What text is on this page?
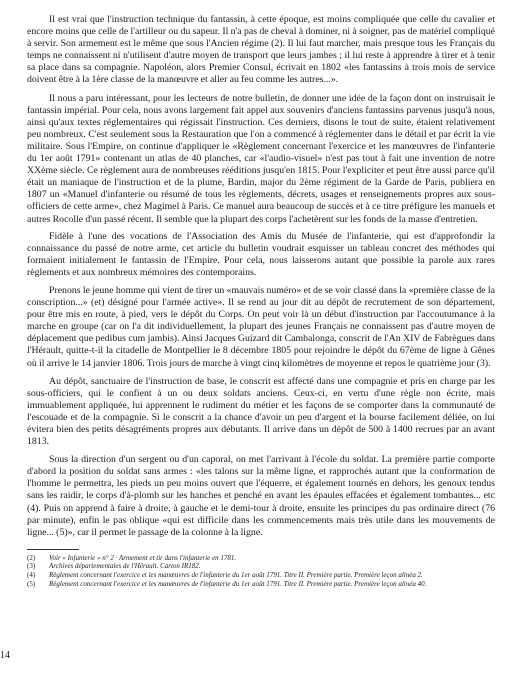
Il est vrai que l'instruction technique du fantassin, à cette époque, est moins compliquée que celle du cavalier et encore moins que celle de l'artilleur ou du sapeur. Il n'a pas de cheval à dominer, ni à soigner, pas de matériel compliqué à servir. Son armement est le même que sous l'Ancien régime (2). Il lui faut marcher, mais presque tous les Français du temps ne connaissent ni n'utilisent d'autre moyen de transport que leurs jambes ; il lui reste à apprendre à tirer et à tenir sa place dans sa compagnie. Napoléon, alors Premier Consul, écrivait en 1802 «les fantassins à trois mois de service doivent être à la 1ère classe de la manœuvre et aller au feu comme les autres...».

Il nous a paru intéressant, pour les lecteurs de notre bulletin, de donner une idée de la façon dont on instruisait le fantassin impérial. Pour cela, nous avons largement fait appel aux souvenirs d'anciens fantassins parvenus jusqu'à nous, ainsi qu'aux textes réglementaires qui régissait l'instruction. Ces derniers, disons le tout de suite, étaient relativement peu nombreux. C'est seulement sous la Restauration que l'on a commencé à réglementer dans le détail et par écrit la vie militaire. Sous l'Empire, on continue d'appliquer le «Règlement concernant l'exercice et les manœuvres de l'infanterie du 1er août 1791» contenant un atlas de 40 planches, car «l'audio-visuel» n'est pas tout à fait une invention de notre XXème siècle. Ce règlement aura de nombreuses rééditions jusqu'en 1815. Pour l'expliciter et peut être aussi parce qu'il était un maniaque de l'instruction et de la plume, Bardin, major du 2ème régiment de la Garde de Paris, publiera en 1807 un «Manuel d'infanterie ou résumé de tous les règlements, décrets, usages et renseignements propres aux sous-officiers de cette arme», chez Magimel à Paris. Ce manuel aura beaucoup de succès et à ce titre préfigure les manuels et autres Rocolle d'un passé récent. Il semble que la plupart des corps l'achetèrent sur les fonds de la masse d'entretien.

Fidèle à l'une des vocations de l'Association des Amis du Musée de l'infanterie, qui est d'approfondir la connaissance du passé de notre arme, cet article du bulletin voudrait esquisser un tableau concret des méthodes qui formaient initialement le fantassin de l'Empire. Pour cela, nous laisserons autant que possible la parole aux rares règlements et aux nombreux mémoires des contemporains.

Prenons le jeune homme qui vient de tirer un «mauvais numéro» et de se voir classé dans la «première classe de la conscription...» (et) désigné pour l'armée active». Il se rend au jour dit au dépôt de recrutement de son département, pour être mis en route, à pied, vers le dépôt du Corps. On peut voir là un début d'instruction par l'accoutumance à la marche en groupe (car on l'a dit individuellement, la plupart des jeunes Français ne connaissent pas d'autre moyen de déplacement que pedibus cum jambis). Ainsi Jacques Guizard dit Cambalonga, conscrit de l'An XIV de Fabrègues dans l'Hérault, quitte-t-il la citadelle de Montpellier le 8 décembre 1805 pour rejoindre le dépôt du 67ème de ligne à Gênes où il arrive le 14 janvier 1806. Trois jours de marche à vingt cinq kilomètres de moyenne et repos le quatrième jour (3).

Au dépôt, sanctuaire de l'instruction de base, le conscrit est affecté dans une compagnie et pris en charge par les sous-officiers, qui le confient à un ou deux soldats anciens. Ceux-ci, en vertu d'une règle non écrite, mais immuablement appliquée, lui apprennent le rudiment du métier et les façons de se comporter dans la communauté de l'escouade et de la compagnie. Si le conscrit a la chance d'avoir un peu d'argent et la bourse facilement déliée, on lui évitera bien des petits désagréments propres aux débutants. Il arrive dans un dépôt de 500 à 1400 recrues par an avant 1813.

Sous la direction d'un sergent ou d'un caporal, on met l'arrivant à l'école du soldat. La première partie comporte d'abord la position du soldat sans armes : «les talons sur la même ligne, et rapprochés autant que la conformation de l'homme le permettra, les pieds un peu moins ouvert que l'équerre, et également tournés en dehors, les genoux tendus sans les raidir, le corps d'à-plomb sur les hanches et penché en avant les épaules effacées et également tombantes... etc (4). Puis on apprend à faire à droite, à gauche et le demi-tour à droite, ensuite les principes du pas ordinaire direct (76 par minute), enfin le pas oblique «qui est difficile dans les commencements mais très utile dans les mouvements de ligne... (5)», car il permet le passage de la colonne à la ligne.

(2)	Voir « Infanterie » n° 2 · Armement et tir dans l'infanterie en 1781.
(3)	Archives départementales de l'Hérault. Carton IR182.
(4)	Règlement concernant l'exercice et les manœuvres de l'infanterie du 1er août 1791. Titre II. Première partie. Première leçon alinéa 2.
(5)	Règlement concernant l'exercice et les manœuvres de l'infanterie du 1er août 1791. Titre II. Première partie. Première leçon alinéa 40.
14
